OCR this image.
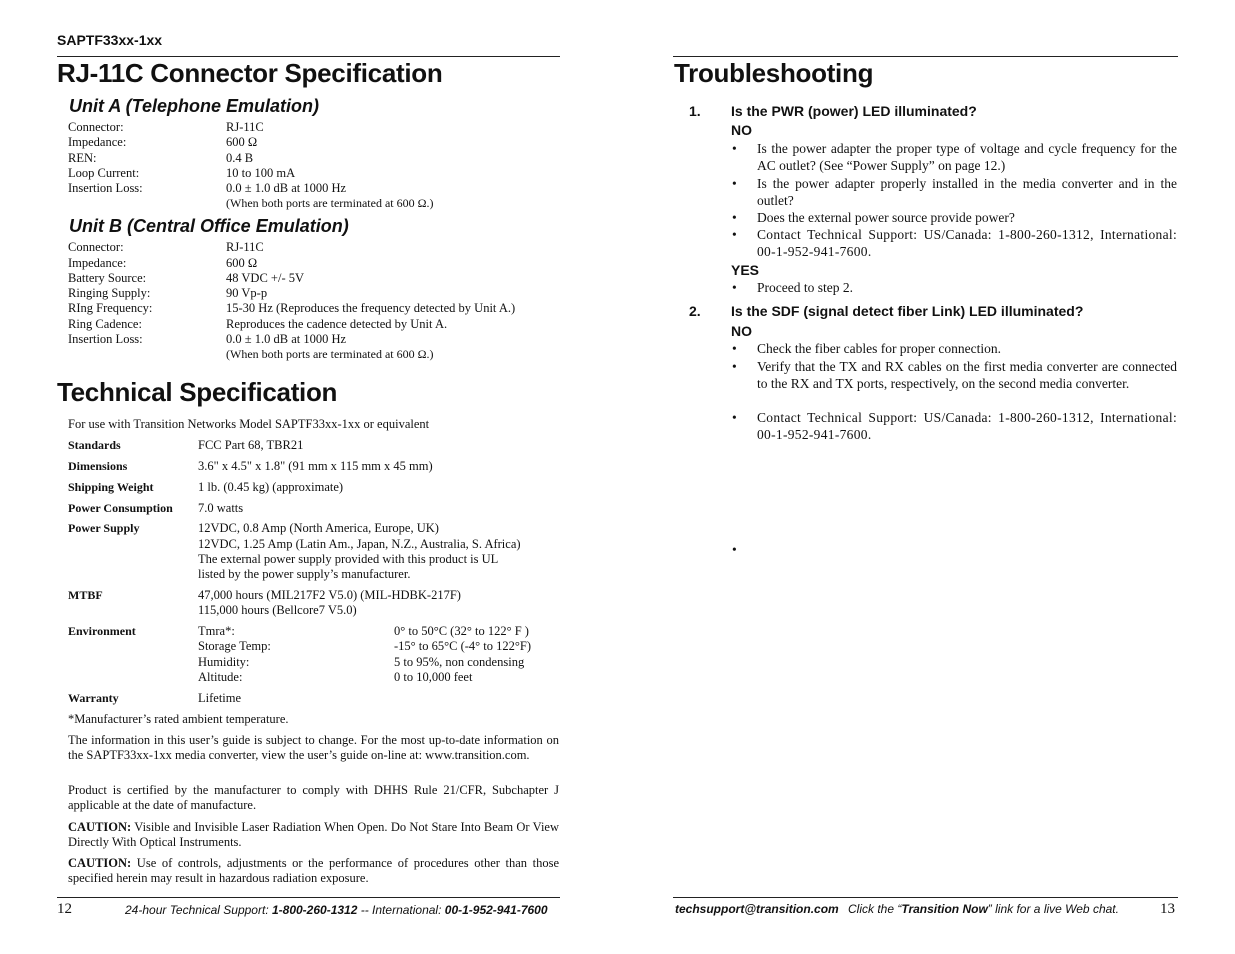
SAPTF33xx-1xx
RJ-11C Connector Specification
Unit A (Telephone Emulation)
Connector:	RJ-11C
Impedance:	600 Ω
REN:	0.4 B
Loop Current:	10 to 100 mA
Insertion Loss:	0.0 ± 1.0 dB at 1000 Hz
(When both ports are terminated at 600 Ω.)
Unit B (Central Office Emulation)
Connector:	RJ-11C
Impedance:	600 Ω
Battery Source:	48 VDC +/- 5V
Ringing Supply:	90 Vp-p
RIng Frequency:	15-30 Hz (Reproduces the frequency detected by Unit A.)
Ring Cadence:	Reproduces the cadence detected by Unit A.
Insertion Loss:	0.0 ± 1.0 dB at 1000 Hz
(When both ports are terminated at 600 Ω.)
Technical Specification
For use with Transition Networks Model SAPTF33xx-1xx or equivalent
Standards	FCC Part 68, TBR21
Dimensions	3.6" x 4.5" x 1.8" (91 mm x 115 mm x 45 mm)
Shipping Weight	1 lb. (0.45 kg) (approximate)
Power Consumption 7.0 watts
Power Supply	12VDC, 0.8 Amp (North America, Europe, UK)
12VDC, 1.25 Amp (Latin Am., Japan, N.Z., Australia, S. Africa)
The external power supply provided with this product is UL
listed by the power supply’s manufacturer.
MTBF	47,000 hours (MIL217F2 V5.0) (MIL-HDBK-217F)
115,000 hours (Bellcore7 V5.0)
Environment	Tmra*:	0° to 50°C (32° to 122° F )
Storage Temp:	-15° to 65°C (-4° to 122°F)
Humidity:	5 to 95%, non condensing
Altitude:	0 to 10,000 feet
Warranty	Lifetime
*Manufacturer’s rated ambient temperature.
The information in this user’s guide is subject to change. For the most up-to-date information on the SAPTF33xx-1xx media converter, view the user’s guide on-line at: www.transition.com.
Product is certified by the manufacturer to comply with DHHS Rule 21/CFR, Subchapter J applicable at the date of manufacture.
CAUTION: Visible and Invisible Laser Radiation When Open. Do Not Stare Into Beam Or View Directly With Optical Instruments.
CAUTION: Use of controls, adjustments or the performance of procedures other than those specified herein may result in hazardous radiation exposure.
12	24-hour Technical Support: 1-800-260-1312 -- International: 00-1-952-941-7600
Troubleshooting
1. Is the PWR (power) LED illuminated?
NO
• Is the power adapter the proper type of voltage and cycle frequency for the AC outlet? (See “Power Supply” on page 12.)
• Is the power adapter properly installed in the media converter and in the outlet?
• Does the external power source provide power?
• Contact Technical Support: US/Canada: 1-800-260-1312, International: 00-1-952-941-7600.
YES
• Proceed to step 2.
2. Is the SDF (signal detect fiber Link) LED illuminated?
NO
• Check the fiber cables for proper connection.
• Verify that the TX and RX cables on the first media converter are connected to the RX and TX ports, respectively, on the second media converter.
• Contact Technical Support: US/Canada: 1-800-260-1312, International: 00-1-952-941-7600.
•
techsupport@transition.com Click the “Transition Now” link for a live Web chat.	13
